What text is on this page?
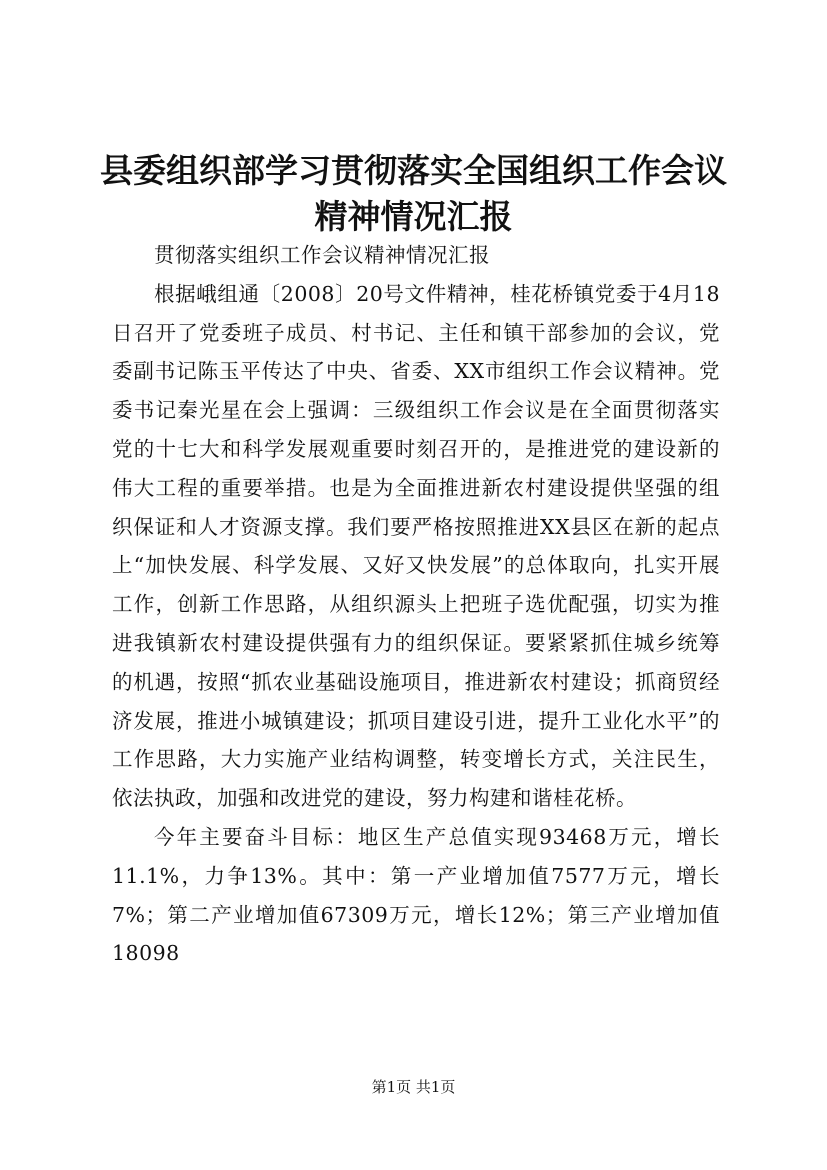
县委组织部学习贯彻落实全国组织工作会议精神情况汇报

贯彻落实组织工作会议精神情况汇报

根据峨组通〔2008〕20号文件精神，桂花桥镇党委于4月18日召开了党委班子成员、村书记、主任和镇干部参加的会议，党委副书记陈玉平传达了中央、省委、XX市组织工作会议精神。党委书记秦光星在会上强调：三级组织工作会议是在全面贯彻落实党的十七大和科学发展观重要时刻召开的，是推进党的建设新的伟大工程的重要举措。也是为全面推进新农村建设提供坚强的组织保证和人才资源支撑。我们要严格按照推进XX县区在新的起点上“加快发展、科学发展、又好又快发展”的总体取向，扎实开展工作，创新工作思路，从组织源头上把班子选优配强，切实为推进我镇新农村建设提供强有力的组织保证。要紧紧抓住城乡统筹的机遇，按照“抓农业基础设施项目，推进新农村建设；抓商贸经济发展，推进小城镇建设；抓项目建设引进，提升工业化水平”的工作思路，大力实施产业结构调整，转变增长方式，关注民生，依法执政，加强和改进党的建设，努力构建和谐桂花桥。

今年主要奋斗目标：地区生产总值实现93468万元，增长11.1%，力争13%。其中：第一产业增加值7577万元，增长7%；第二产业增加值67309万元，增长12%；第三产业增加值18098

第1页 共1页
